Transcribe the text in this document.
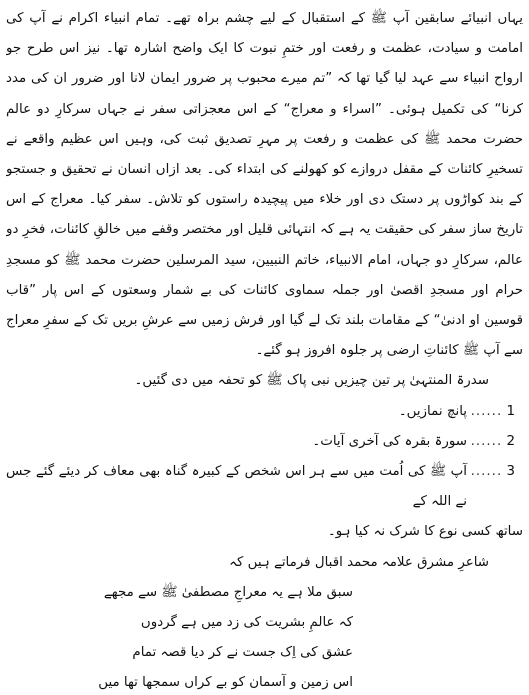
یہاں انبیائے سابقین آپ ﷺ کے استقبال کے لیے چشم براہ تھے۔ تمام انبیاء اکرام نے آپ کی امامت و سیادت، عظمت و رفعت اور ختمِ نبوت کا ایک واضح اشارہ تھا۔ نیز اس طرح جو ارواح انبیاء سے عہد لیا گیا تھا کہ ”تم میرے محبوب پر ضرور ایمان لانا اور ضرور ان کی مدد کرنا“ کی تکمیل ہوئی۔ ”اسراء و معراج“ کے اس معجزاتی سفر نے جہاں سرکارِ دو عالم حضرت محمد ﷺ کی عظمت و رفعت پر مہرِ تصدیق ثبت کی، وہیں اس عظیم واقعے نے تسخیرِ کائنات کے مقفل دروازے کو کھولنے کی ابتداء کی۔ بعد ازاں انسان نے تحقیق و جستجو کے بند کواڑوں پر دستک دی اور خلاء میں پیچیدہ راستوں کو تلاش۔ سفر کیا۔ معراج کے اس تاریخ ساز سفر کی حقیقت یہ ہے کہ انتہائی قلیل اور مختصر وقفے میں خالقِ کائنات، فخرِ دو عالم، سرکارِ دو جہاں، امام الانبیاء، خاتم النبیین، سید المرسلین حضرت محمد ﷺ کو مسجدِ حرام اور مسجدِ اقصیٰ اور جملہ سماوی کائنات کی بے شمار وسعتوں کے اس پار ”قاب قوسین او ادنیٰ“ کے مقامات بلند تک لے گیا اور فرش زمیں سے عرشِ بریں تک کے سفرِ معراج سے آپ ﷺ کائناتِ ارضی پر جلوہ افروز ہو گئے۔

سدرۃ المنتہیٰ پر تین چیزیں نبی پاک ﷺ کو تحفہ میں دی گئیں۔

...... 1
پانچ نمازیں۔
...... 2
سورۃ بقرہ کی آخری آیات۔
...... 3
آپ ﷺ کی اُمت میں سے ہر اس شخص کے کبیرہ گناہ بھی معاف کر دیئے گئے جس نے اللہ کے

ساتھ کسی نوع کا شرک نہ کیا ہو۔

شاعرِ مشرق علامہ محمد اقبال فرماتے ہیں کہ

سبق ملا ہے یہ معراجِ مصطفیٰ ﷺ سے مجھے
کہ عالمِ بشریت کی زد میں ہے گردوں
عشق کی اِک جست نے کر دیا قصہ تمام
اس زمین و آسمان کو بے کراں سمجھا تھا میں
